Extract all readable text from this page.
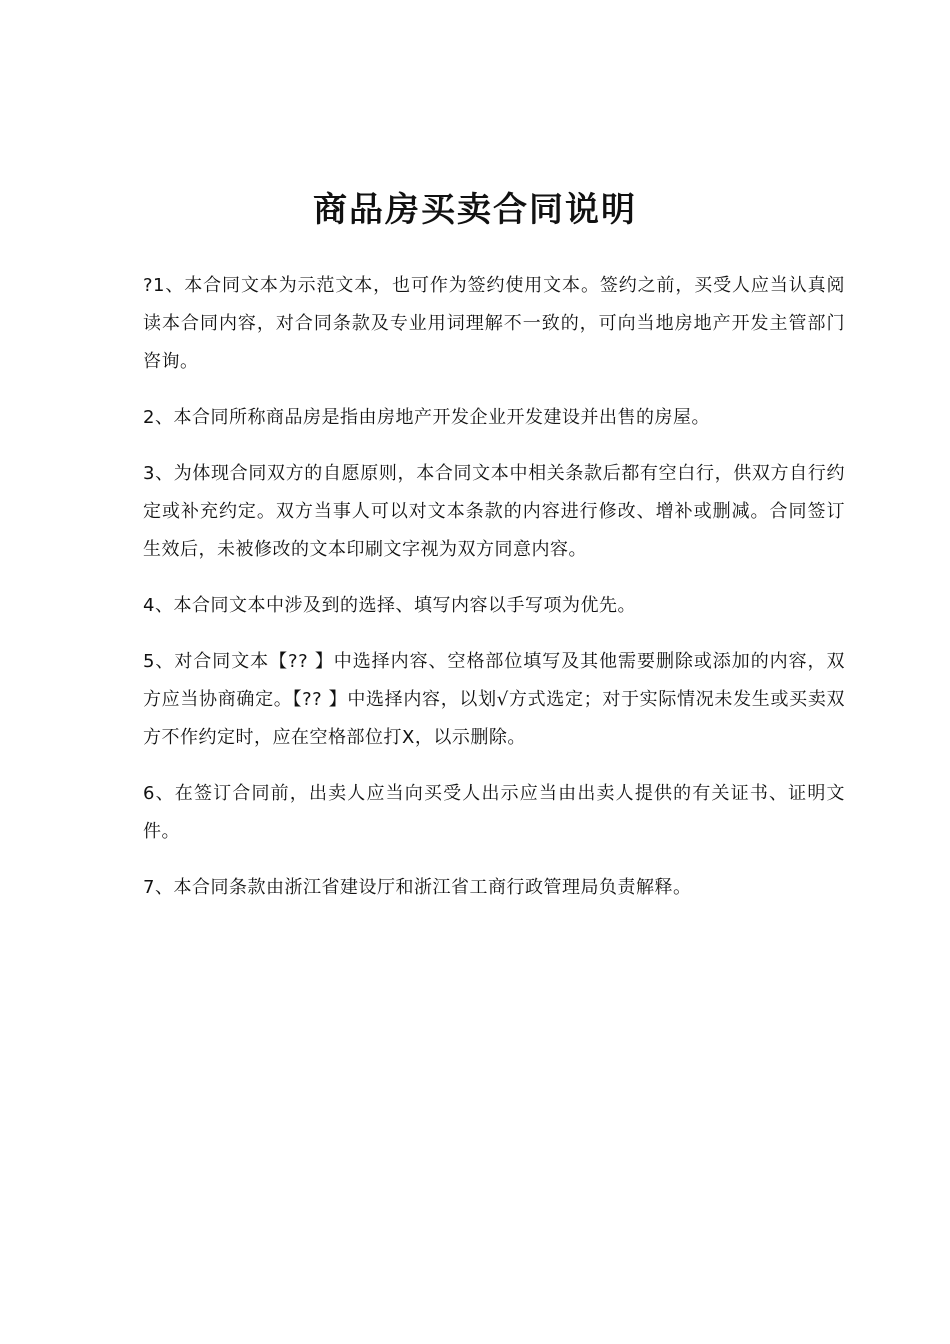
商品房买卖合同说明

?1、本合同文本为示范文本，也可作为签约使用文本。签约之前，买受人应当认真阅读本合同内容，对合同条款及专业用词理解不一致的，可向当地房地产开发主管部门咨询。

2、本合同所称商品房是指由房地产开发企业开发建设并出售的房屋。

3、为体现合同双方的自愿原则，本合同文本中相关条款后都有空白行，供双方自行约定或补充约定。双方当事人可以对文本条款的内容进行修改、增补或删减。合同签订生效后，未被修改的文本印刷文字视为双方同意内容。

4、本合同文本中涉及到的选择、填写内容以手写项为优先。

5、对合同文本【?? 】中选择内容、空格部位填写及其他需要删除或添加的内容，双方应当协商确定。【?? 】中选择内容，以划√方式选定；对于实际情况未发生或买卖双方不作约定时，应在空格部位打X，以示删除。

6、在签订合同前，出卖人应当向买受人出示应当由出卖人提供的有关证书、证明文件。

7、本合同条款由浙江省建设厅和浙江省工商行政管理局负责解释。
